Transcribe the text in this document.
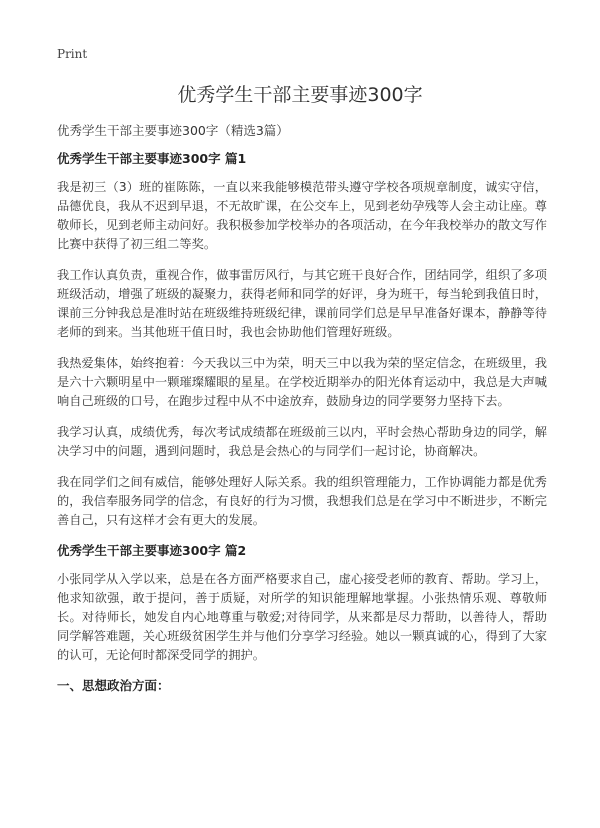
Print
优秀学生干部主要事迹300字

优秀学生干部主要事迹300字（精选3篇）

优秀学生干部主要事迹300字 篇1

我是初三（3）班的崔陈陈，一直以来我能够模范带头遵守学校各项规章制度，诚实守信，品德优良，我从不迟到早退，不无故旷课，在公交车上，见到老幼孕残等人会主动让座。尊敬师长，见到老师主动问好。我积极参加学校举办的各项活动，在今年我校举办的散文写作比赛中获得了初三组二等奖。

我工作认真负责，重视合作，做事雷厉风行，与其它班干良好合作，团结同学，组织了多项班级活动，增强了班级的凝聚力，获得老师和同学的好评，身为班干，每当轮到我值日时，课前三分钟我总是准时站在班级维持班级纪律，课前同学们总是早早准备好课本，静静等待老师的到来。当其他班干值日时，我也会协助他们管理好班级。

我热爱集体，始终抱着：今天我以三中为荣，明天三中以我为荣的坚定信念，在班级里，我是六十六颗明星中一颗璀璨耀眼的星星。在学校近期举办的阳光体育运动中，我总是大声喊响自己班级的口号，在跑步过程中从不中途放弃，鼓励身边的同学要努力坚持下去。

我学习认真，成绩优秀，每次考试成绩都在班级前三以内，平时会热心帮助身边的同学，解决学习中的问题，遇到问题时，我总是会热心的与同学们一起讨论，协商解决。

我在同学们之间有威信，能够处理好人际关系。我的组织管理能力，工作协调能力都是优秀的，我信奉服务同学的信念，有良好的行为习惯，我想我们总是在学习中不断进步，不断完善自己，只有这样才会有更大的发展。

优秀学生干部主要事迹300字 篇2

小张同学从入学以来，总是在各方面严格要求自己，虚心接受老师的教育、帮助。学习上，他求知欲强，敢于提问，善于质疑，对所学的知识能理解地掌握。小张热情乐观、尊敬师长。对待师长，她发自内心地尊重与敬爱;对待同学，从来都是尽力帮助，以善待人，帮助同学解答难题，关心班级贫困学生并与他们分享学习经验。她以一颗真诚的心，得到了大家的认可，无论何时都深受同学的拥护。

一、思想政治方面：
